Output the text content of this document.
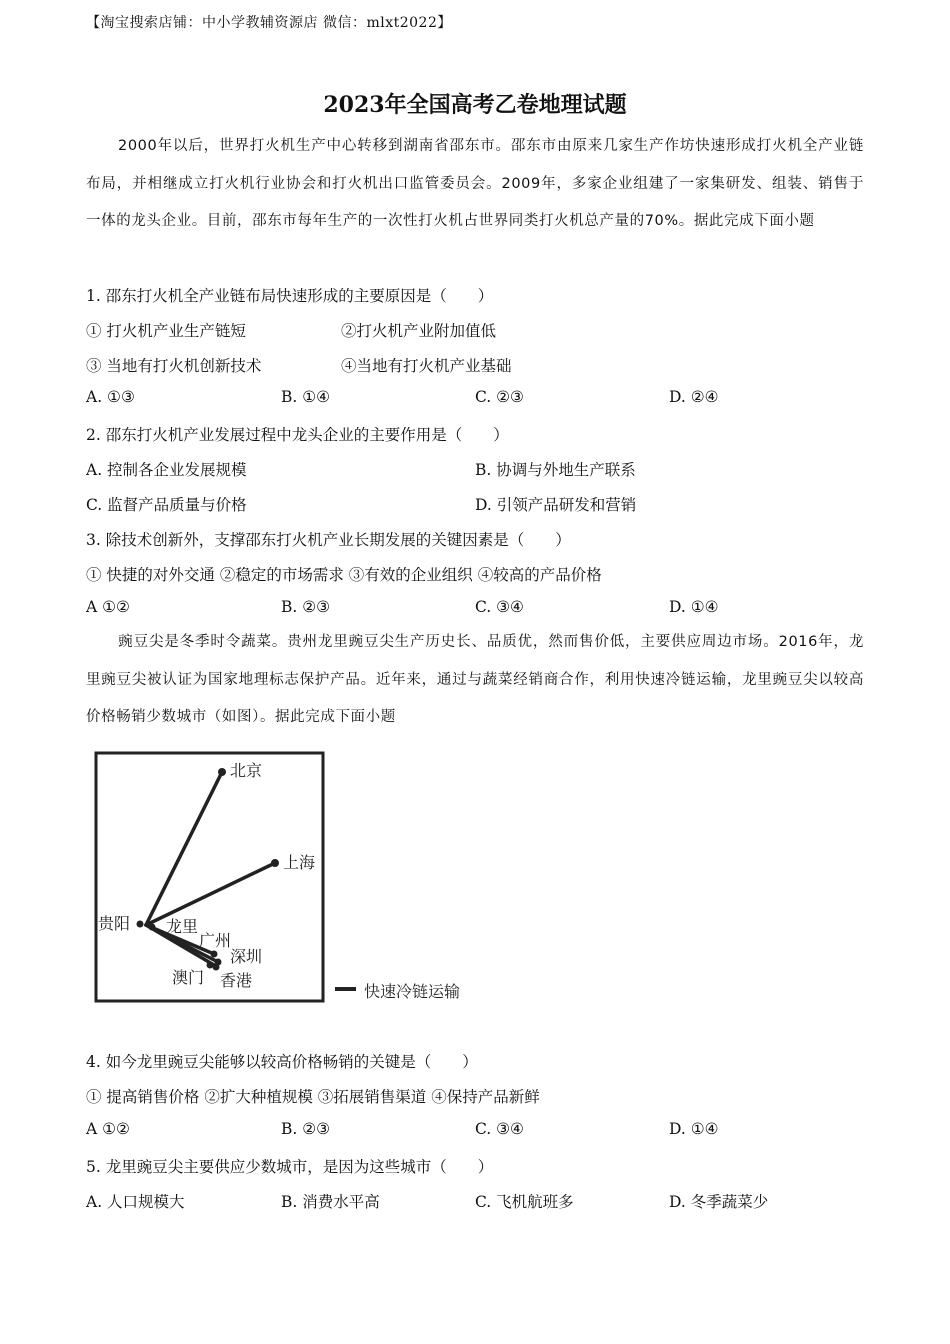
【淘宝搜索店铺：中小学教辅资源店 微信：mlxt2022】
2023年全国高考乙卷地理试题
2000年以后，世界打火机生产中心转移到湖南省邵东市。邵东市由原来几家生产作坊快速形成打火机全产业链布局，并相继成立打火机行业协会和打火机出口监管委员会。2009年，多家企业组建了一家集研发、组装、销售于一体的龙头企业。目前，邵东市每年生产的一次性打火机占世界同类打火机总产量的70%。据此完成下面小题
1. 邵东打火机全产业链布局快速形成的主要原因是（　　）
① 打火机产业生产链短	②打火机产业附加值低
③ 当地有打火机创新技术	④当地有打火机产业基础
A. ①③	B. ①④	C. ②③	D. ②④
2. 邵东打火机产业发展过程中龙头企业的主要作用是（　　）
A. 控制各企业发展规模	B. 协调与外地生产联系
C. 监督产品质量与价格	D. 引领产品研发和营销
3. 除技术创新外，支撑邵东打火机产业长期发展的关键因素是（　　）
① 快捷的对外交通 ②稳定的市场需求 ③有效的企业组织 ④较高的产品价格
A ①②	B. ②③	C. ③④	D. ①④
豌豆尖是冬季时令蔬菜。贵州龙里豌豆尖生产历史长、品质优，然而售价低，主要供应周边市场。2016年，龙里豌豆尖被认证为国家地理标志保护产品。近年来，通过与蔬菜经销商合作，利用快速冷链运输，龙里豌豆尖以较高价格畅销少数城市（如图）。据此完成下面小题
北京
上海
贵阳 龙里
广州
深圳
澳门 香港
快速冷链运输
4. 如今龙里豌豆尖能够以较高价格畅销的关键是（　　）
① 提高销售价格 ②扩大种植规模 ③拓展销售渠道 ④保持产品新鲜
A ①②	B. ②③	C. ③④	D. ①④
5. 龙里豌豆尖主要供应少数城市，是因为这些城市（　　）
A. 人口规模大	B. 消费水平高	C. 飞机航班多	D. 冬季蔬菜少
